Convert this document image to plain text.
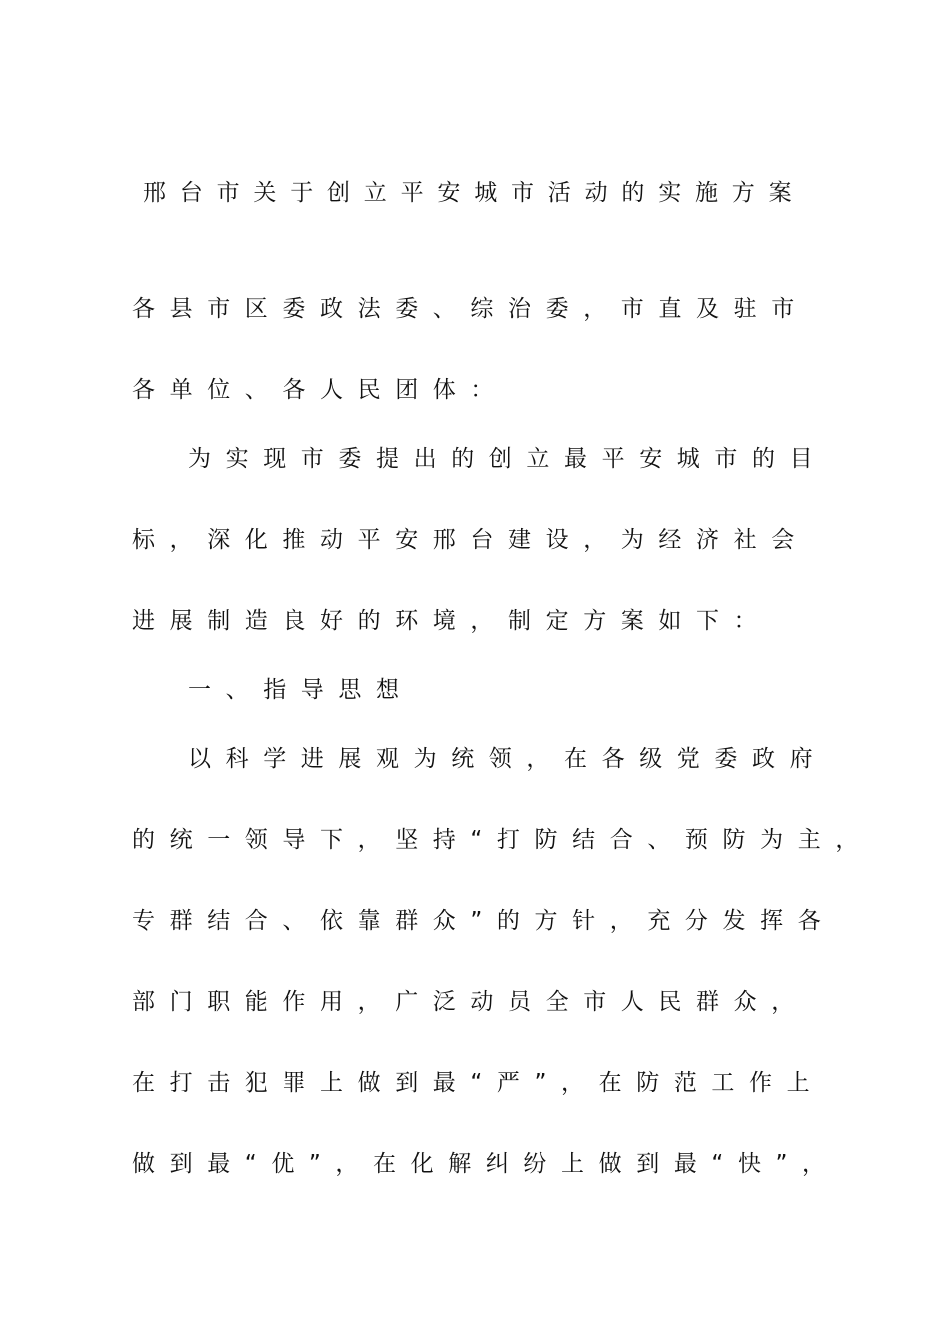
邢台市关于创立平安城市活动的实施方案
各县市区委政法委、综治委，市直及驻市
各单位、各人民团体：
为实现市委提出的创立最平安城市的目
标，深化推动平安邢台建设，为经济社会
进展制造良好的环境，制定方案如下：
一、指导思想
以科学进展观为统领，在各级党委政府
的统一领导下，坚持“打防结合、预防为主，
专群结合、依靠群众”的方针，充分发挥各
部门职能作用，广泛动员全市人民群众，
在打击犯罪上做到最“严”，在防范工作上
做到最“优”，在化解纠纷上做到最“快”，
